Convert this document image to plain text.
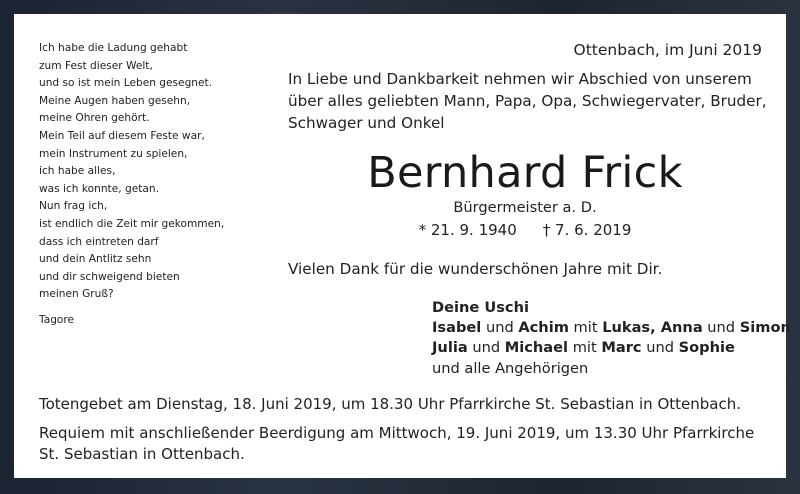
Ich habe die Ladung gehabt
zum Fest dieser Welt,
und so ist mein Leben gesegnet.
Meine Augen haben gesehn,
meine Ohren gehört.
Mein Teil auf diesem Feste war,
mein Instrument zu spielen,
ich habe alles,
was ich konnte, getan.
Nun frag ich,
ist endlich die Zeit mir gekommen,
dass ich eintreten darf
und dein Antlitz sehn
und dir schweigend bieten
meinen Gruß?
Tagore
Ottenbach, im Juni 2019
In Liebe und Dankbarkeit nehmen wir Abschied von unserem
über alles geliebten Mann, Papa, Opa, Schwiegervater, Bruder,
Schwager und Onkel
Bernhard Frick
Bürgermeister a. D.
* 21. 9. 1940 † 7. 6. 2019
Vielen Dank für die wunderschönen Jahre mit Dir.
Deine Uschi
Isabel und Achim mit Lukas, Anna und Simon
Julia und Michael mit Marc und Sophie
und alle Angehörigen
Totengebet am Dienstag, 18. Juni 2019, um 18.30 Uhr Pfarrkirche St. Sebastian in Ottenbach.
Requiem mit anschließender Beerdigung am Mittwoch, 19. Juni 2019, um 13.30 Uhr Pfarrkirche
St. Sebastian in Ottenbach.
